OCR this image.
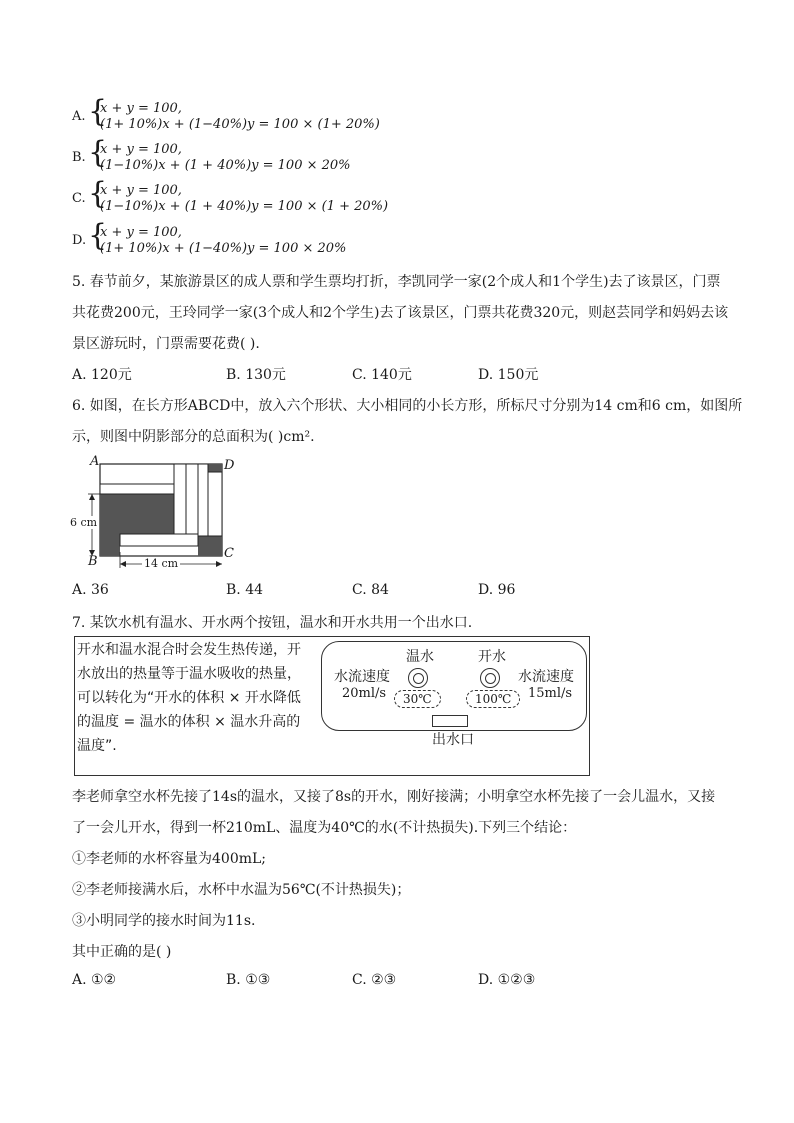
A. {
x + y = 100,
(1+ 10%)x + (1−40%)y = 100 × (1+ 20%)
B. {
x + y = 100,
(1−10%)x + (1 + 40%)y = 100 × 20%
C. {
x + y = 100,
(1−10%)x + (1 + 40%)y = 100 × (1 + 20%)
D. {
x + y = 100,
(1+ 10%)x + (1−40%)y = 100 × 20%
5. 春节前夕，某旅游景区的成人票和学生票均打折，李凯同学一家(2个成人和1个学生)去了该景区，门票
共花费200元，王玲同学一家(3个成人和2个学生)去了该景区，门票共花费320元，则赵芸同学和妈妈去该
景区游玩时，门票需要花费( ).
A. 120元	B. 130元	C. 140元	D. 150元
6. 如图，在长方形ABCD中，放入六个形状、大小相同的小长方形，所标尺寸分别为14 cm和6 cm，如图所
示，则图中阴影部分的总面积为( )cm².
A	D
B
C
6 cm
14 cm
A. 36	B. 44	C. 84	D. 96
7. 某饮水机有温水、开水两个按钮，温水和开水共用一个出水口.
开水和温水混合时会发生热传递，开水放出的热量等于温水吸收的热量，可以转化为“开水的体积 × 开水降低的温度 = 温水的体积 × 温水升高的温度”.
温水	开水
水流速度
20ml/s
水流速度
15ml/s
30℃	100℃
出水口
李老师拿空水杯先接了14s的温水，又接了8s的开水，刚好接满；小明拿空水杯先接了一会儿温水，又接
了一会儿开水，得到一杯210mL、温度为40℃的水(不计热损失).下列三个结论：
①李老师的水杯容量为400mL;
②李老师接满水后，水杯中水温为56℃(不计热损失)；
③小明同学的接水时间为11s.
其中正确的是( )
A. ①②	B. ①③	C. ②③	D. ①②③
